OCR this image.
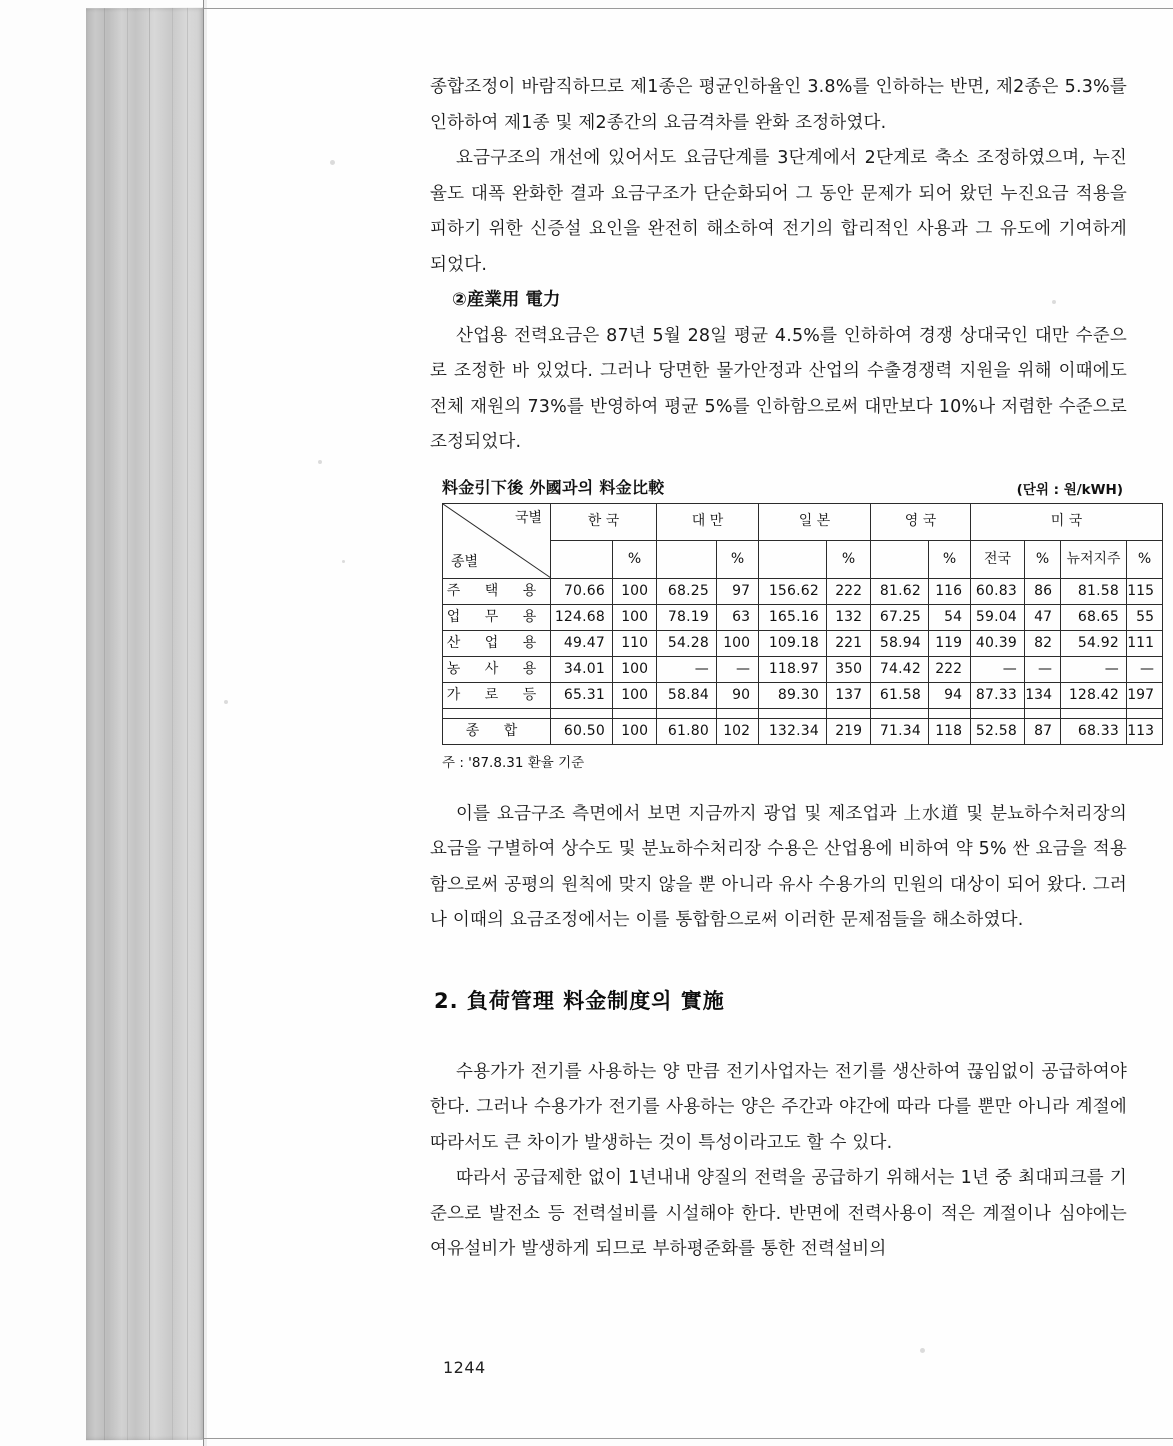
종합조정이 바람직하므로 제1종은 평균인하율인 3.8%를 인하하는 반면, 제2종은 5.3%를 인하하여 제1종 및 제2종간의 요금격차를 완화 조정하였다.

요금구조의 개선에 있어서도 요금단계를 3단계에서 2단계로 축소 조정하였으며, 누진율도 대폭 완화한 결과 요금구조가 단순화되어 그 동안 문제가 되어 왔던 누진요금 적용을 피하기 위한 신증설 요인을 완전히 해소하여 전기의 합리적인 사용과 그 유도에 기여하게 되었다.

②産業用 電力

산업용 전력요금은 87년 5월 28일 평균 4.5%를 인하하여 경쟁 상대국인 대만 수준으로 조정한 바 있었다. 그러나 당면한 물가안정과 산업의 수출경쟁력 지원을 위해 이때에도 전체 재원의 73%를 반영하여 평균 5%를 인하함으로써 대만보다 10%나 저렴한 수준으로 조정되었다.

料金引下後 外國과의 料金比較	(단위 : 원/kWH)
국별
종별	한 국		대 만		일 본		영 국		미 국			
		%		%		%		%	전국	%	뉴저지주	%
주 택 용	70.66	100	68.25	97	156.62	222	81.62	116	60.83	86	81.58	115
업 무 용	124.68	100	78.19	63	165.16	132	67.25	54	59.04	47	68.65	55
산 업 용	49.47	110	54.28	100	109.18	221	58.94	119	40.39	82	54.92	111
농 사 용	34.01	100	—	—	118.97	350	74.42	222	—	—	—	—
가 로 등	65.31	100	58.84	90	89.30	137	61.58	94	87.33	134	128.42	197

종 합	60.50	100	61.80	102	132.34	219	71.34	118	52.58	87	68.33	113
주 : '87.8.31 환율 기준

이를 요금구조 측면에서 보면 지금까지 광업 및 제조업과 上水道 및 분뇨하수처리장의 요금을 구별하여 상수도 및 분뇨하수처리장 수용은 산업용에 비하여 약 5% 싼 요금을 적용함으로써 공평의 원칙에 맞지 않을 뿐 아니라 유사 수용가의 민원의 대상이 되어 왔다. 그러나 이때의 요금조정에서는 이를 통합함으로써 이러한 문제점들을 해소하였다.

2. 負荷管理 料金制度의 實施

수용가가 전기를 사용하는 양 만큼 전기사업자는 전기를 생산하여 끊임없이 공급하여야 한다. 그러나 수용가가 전기를 사용하는 양은 주간과 야간에 따라 다를 뿐만 아니라 계절에 따라서도 큰 차이가 발생하는 것이 특성이라고도 할 수 있다.

따라서 공급제한 없이 1년내내 양질의 전력을 공급하기 위해서는 1년 중 최대피크를 기준으로 발전소 등 전력설비를 시설해야 한다. 반면에 전력사용이 적은 계절이나 심야에는 여유설비가 발생하게 되므로 부하평준화를 통한 전력설비의

1244
